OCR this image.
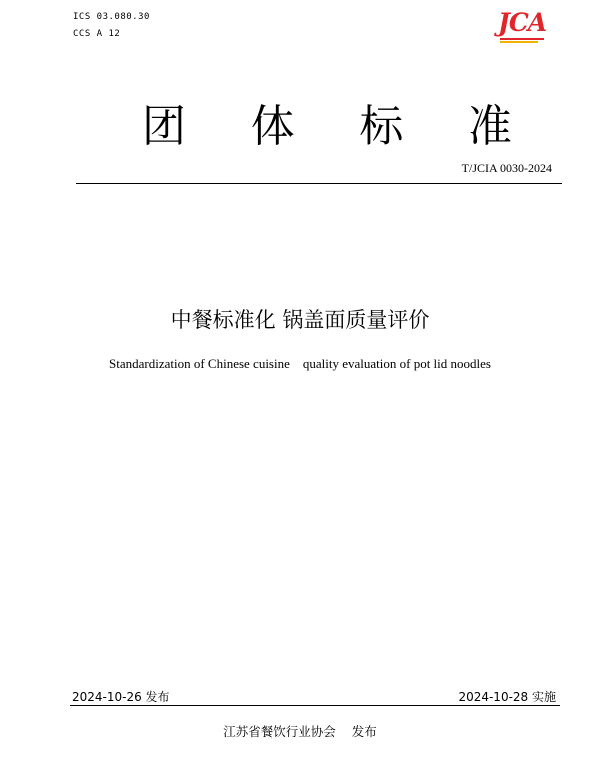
ICS 03.080.30
CCS A 12	JCA
团 体 标 准
T/JCIA 0030-2024
中餐标准化 锅盖面质量评价
Standardization of Chinese cuisine    quality evaluation of pot lid noodles
2024-10-26 发布	2024-10-28 实施
江苏省餐饮行业协会    发布
